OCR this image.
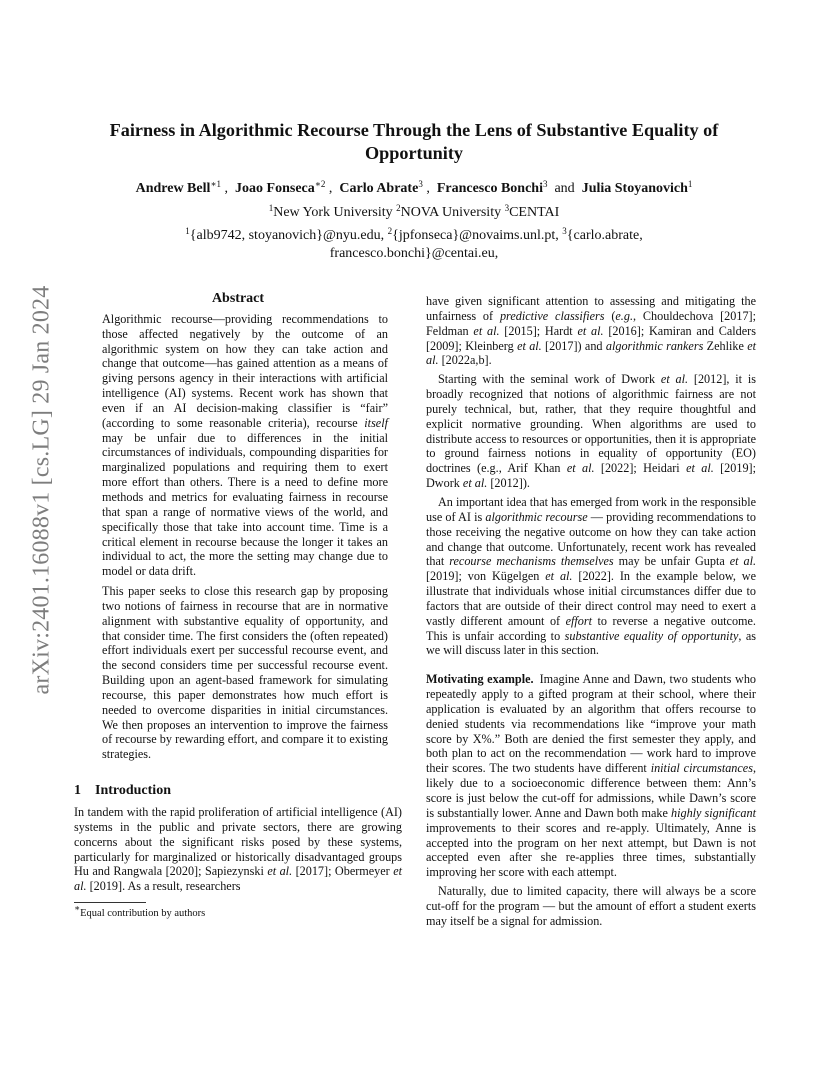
arXiv:2401.16088v1 [cs.LG] 29 Jan 2024
Fairness in Algorithmic Recourse Through the Lens of Substantive Equality of Opportunity
Andrew Bell$^{∗1}$ ,  Joao Fonseca$^{∗2}$ ,  Carlo Abrate$^3$ ,  Francesco Bonchi$^3$ and Julia Stoyanovich$^1$
$^1$New York University $^2$NOVA University $^3$CENTAI
$^1${alb9742, stoyanovich}@nyu.edu, $^2${jpfonseca}@novaims.unl.pt, $^3${carlo.abrate,
francesco.bonchi}@centai.eu,
Abstract

Algorithmic recourse—providing recommendations to those affected negatively by the outcome of an algorithmic system on how they can take action and change that outcome—has gained attention as a means of giving persons agency in their interactions with artificial intelligence (AI) systems. Recent work has shown that even if an AI decision-making classifier is “fair” (according to some reasonable criteria), recourse itself may be unfair due to differences in the initial circumstances of individuals, compounding disparities for marginalized populations and requiring them to exert more effort than others. There is a need to define more methods and metrics for evaluating fairness in recourse that span a range of normative views of the world, and specifically those that take into account time. Time is a critical element in recourse because the longer it takes an individual to act, the more the setting may change due to model or data drift.

This paper seeks to close this research gap by proposing two notions of fairness in recourse that are in normative alignment with substantive equality of opportunity, and that consider time. The first considers the (often repeated) effort individuals exert per successful recourse event, and the second considers time per successful recourse event. Building upon an agent-based framework for simulating recourse, this paper demonstrates how much effort is needed to overcome disparities in initial circumstances. We then proposes an intervention to improve the fairness of recourse by rewarding effort, and compare it to existing strategies.

1 Introduction

In tandem with the rapid proliferation of artificial intelligence (AI) systems in the public and private sectors, there are growing concerns about the significant risks posed by these systems, particularly for marginalized or historically disadvantaged groups Hu and Rangwala [2020]; Sapiezynski et al. [2017]; Obermeyer et al. [2019]. As a result, researchers

∗Equal contribution by authors

have given significant attention to assessing and mitigating the unfairness of predictive classifiers (e.g., Chouldechova [2017]; Feldman et al. [2015]; Hardt et al. [2016]; Kamiran and Calders [2009]; Kleinberg et al. [2017]) and algorithmic rankers Zehlike et al. [2022a,b].

Starting with the seminal work of Dwork et al. [2012], it is broadly recognized that notions of algorithmic fairness are not purely technical, but, rather, that they require thoughtful and explicit normative grounding. When algorithms are used to distribute access to resources or opportunities, then it is appropriate to ground fairness notions in equality of opportunity (EO) doctrines (e.g., Arif Khan et al. [2022]; Heidari et al. [2019]; Dwork et al. [2012]).

An important idea that has emerged from work in the responsible use of AI is algorithmic recourse — providing recommendations to those receiving the negative outcome on how they can take action and change that outcome. Unfortunately, recent work has revealed that recourse mechanisms themselves may be unfair Gupta et al. [2019]; von Kügelgen et al. [2022]. In the example below, we illustrate that individuals whose initial circumstances differ due to factors that are outside of their direct control may need to exert a vastly different amount of effort to reverse a negative outcome. This is unfair according to substantive equality of opportunity, as we will discuss later in this section.

Motivating example. Imagine Anne and Dawn, two students who repeatedly apply to a gifted program at their school, where their application is evaluated by an algorithm that offers recourse to denied students via recommendations like “improve your math score by X%.” Both are denied the first semester they apply, and both plan to act on the recommendation — work hard to improve their scores. The two students have different initial circumstances, likely due to a socioeconomic difference between them: Ann’s score is just below the cut-off for admissions, while Dawn’s score is substantially lower. Anne and Dawn both make highly significant improvements to their scores and re-apply. Ultimately, Anne is accepted into the program on her next attempt, but Dawn is not accepted even after she re-applies three times, substantially improving her score with each attempt.

Naturally, due to limited capacity, there will always be a score cut-off for the program — but the amount of effort a student exerts may itself be a signal for admission.
